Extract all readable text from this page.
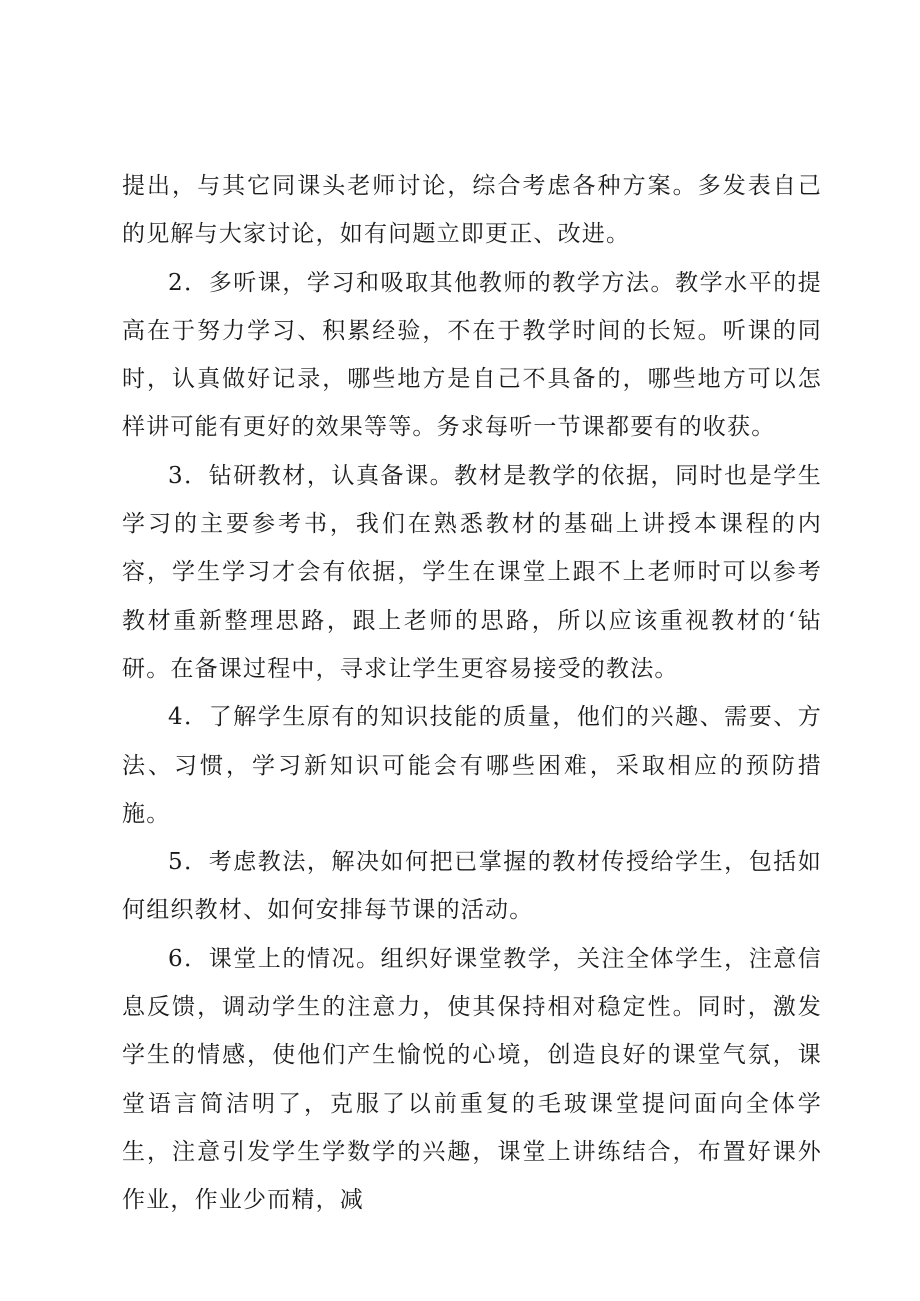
提出，与其它同课头老师讨论，综合考虑各种方案。多发表自己的见解与大家讨论，如有问题立即更正、改进。

2．多听课，学习和吸取其他教师的教学方法。教学水平的提高在于努力学习、积累经验，不在于教学时间的长短。听课的同时，认真做好记录，哪些地方是自己不具备的，哪些地方可以怎样讲可能有更好的效果等等。务求每听一节课都要有的收获。

3．钻研教材，认真备课。教材是教学的依据，同时也是学生学习的主要参考书，我们在熟悉教材的基础上讲授本课程的内容，学生学习才会有依据，学生在课堂上跟不上老师时可以参考教材重新整理思路，跟上老师的思路，所以应该重视教材的‘钻研。在备课过程中，寻求让学生更容易接受的教法。

4．了解学生原有的知识技能的质量，他们的兴趣、需要、方法、习惯，学习新知识可能会有哪些困难，采取相应的预防措施。

5．考虑教法，解决如何把已掌握的教材传授给学生，包括如何组织教材、如何安排每节课的活动。

6．课堂上的情况。组织好课堂教学，关注全体学生，注意信息反馈，调动学生的注意力，使其保持相对稳定性。同时，激发学生的情感，使他们产生愉悦的心境，创造良好的课堂气氛，课堂语言简洁明了，克服了以前重复的毛玻课堂提问面向全体学生，注意引发学生学数学的兴趣，课堂上讲练结合，布置好课外作业，作业少而精，减
